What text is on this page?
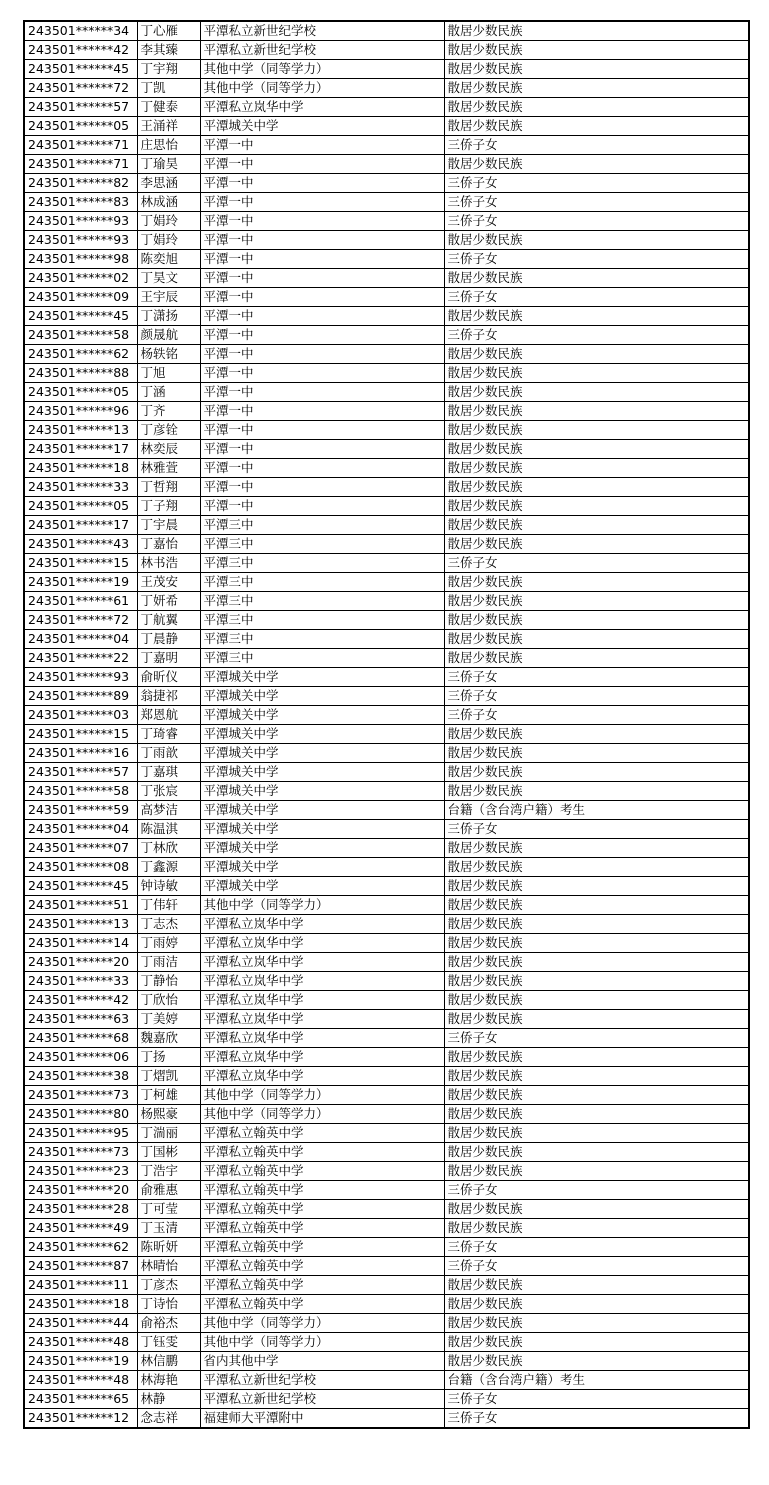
243501******34	丁心雁	平潭私立新世纪学校	散居少数民族
243501******42	李其臻	平潭私立新世纪学校	散居少数民族
243501******45	丁宇翔	其他中学（同等学力）	散居少数民族
243501******72	丁凯	其他中学（同等学力）	散居少数民族
243501******57	丁健泰	平潭私立岚华中学	散居少数民族
243501******05	王涌祥	平潭城关中学	散居少数民族
243501******71	庄思怡	平潭一中	三侨子女
243501******71	丁瑜昊	平潭一中	散居少数民族
243501******82	李思涵	平潭一中	三侨子女
243501******83	林成涵	平潭一中	三侨子女
243501******93	丁娟玲	平潭一中	三侨子女
243501******93	丁娟玲	平潭一中	散居少数民族
243501******98	陈奕旭	平潭一中	三侨子女
243501******02	丁昊文	平潭一中	散居少数民族
243501******09	王宇辰	平潭一中	三侨子女
243501******45	丁潇扬	平潭一中	散居少数民族
243501******58	颜晟航	平潭一中	三侨子女
243501******62	杨轶铭	平潭一中	散居少数民族
243501******88	丁旭	平潭一中	散居少数民族
243501******05	丁涵	平潭一中	散居少数民族
243501******96	丁齐	平潭一中	散居少数民族
243501******13	丁彦铨	平潭一中	散居少数民族
243501******17	林奕辰	平潭一中	散居少数民族
243501******18	林雅萱	平潭一中	散居少数民族
243501******33	丁哲翔	平潭一中	散居少数民族
243501******05	丁子翔	平潭一中	散居少数民族
243501******17	丁宇晨	平潭三中	散居少数民族
243501******43	丁嘉怡	平潭三中	散居少数民族
243501******15	林书浩	平潭三中	三侨子女
243501******19	王茂安	平潭三中	散居少数民族
243501******61	丁妍希	平潭三中	散居少数民族
243501******72	丁航翼	平潭三中	散居少数民族
243501******04	丁晨静	平潭三中	散居少数民族
243501******22	丁嘉明	平潭三中	散居少数民族
243501******93	俞昕仪	平潭城关中学	三侨子女
243501******89	翁捷祁	平潭城关中学	三侨子女
243501******03	郑恩航	平潭城关中学	三侨子女
243501******15	丁琦睿	平潭城关中学	散居少数民族
243501******16	丁雨歆	平潭城关中学	散居少数民族
243501******57	丁嘉琪	平潭城关中学	散居少数民族
243501******58	丁张宸	平潭城关中学	散居少数民族
243501******59	高梦洁	平潭城关中学	台籍（含台湾户籍）考生
243501******04	陈温淇	平潭城关中学	三侨子女
243501******07	丁林欣	平潭城关中学	散居少数民族
243501******08	丁鑫源	平潭城关中学	散居少数民族
243501******45	钟诗敏	平潭城关中学	散居少数民族
243501******51	丁伟轩	其他中学（同等学力）	散居少数民族
243501******13	丁志杰	平潭私立岚华中学	散居少数民族
243501******14	丁雨婷	平潭私立岚华中学	散居少数民族
243501******20	丁雨洁	平潭私立岚华中学	散居少数民族
243501******33	丁静怡	平潭私立岚华中学	散居少数民族
243501******42	丁欣怡	平潭私立岚华中学	散居少数民族
243501******63	丁美婷	平潭私立岚华中学	散居少数民族
243501******68	魏嘉欣	平潭私立岚华中学	三侨子女
243501******06	丁扬	平潭私立岚华中学	散居少数民族
243501******38	丁熠凯	平潭私立岚华中学	散居少数民族
243501******73	丁柯雄	其他中学（同等学力）	散居少数民族
243501******80	杨熙豪	其他中学（同等学力）	散居少数民族
243501******95	丁湍丽	平潭私立翰英中学	散居少数民族
243501******73	丁国彬	平潭私立翰英中学	散居少数民族
243501******23	丁浩宇	平潭私立翰英中学	散居少数民族
243501******20	俞雅惠	平潭私立翰英中学	三侨子女
243501******28	丁可莹	平潭私立翰英中学	散居少数民族
243501******49	丁玉清	平潭私立翰英中学	散居少数民族
243501******62	陈昕妍	平潭私立翰英中学	三侨子女
243501******87	林晴怡	平潭私立翰英中学	三侨子女
243501******11	丁彦杰	平潭私立翰英中学	散居少数民族
243501******18	丁诗怡	平潭私立翰英中学	散居少数民族
243501******44	俞裕杰	其他中学（同等学力）	散居少数民族
243501******48	丁钰雯	其他中学（同等学力）	散居少数民族
243501******19	林信鹏	省内其他中学	散居少数民族
243501******48	林海艳	平潭私立新世纪学校	台籍（含台湾户籍）考生
243501******65	林静	平潭私立新世纪学校	三侨子女
243501******12	念志祥	福建师大平潭附中	三侨子女
